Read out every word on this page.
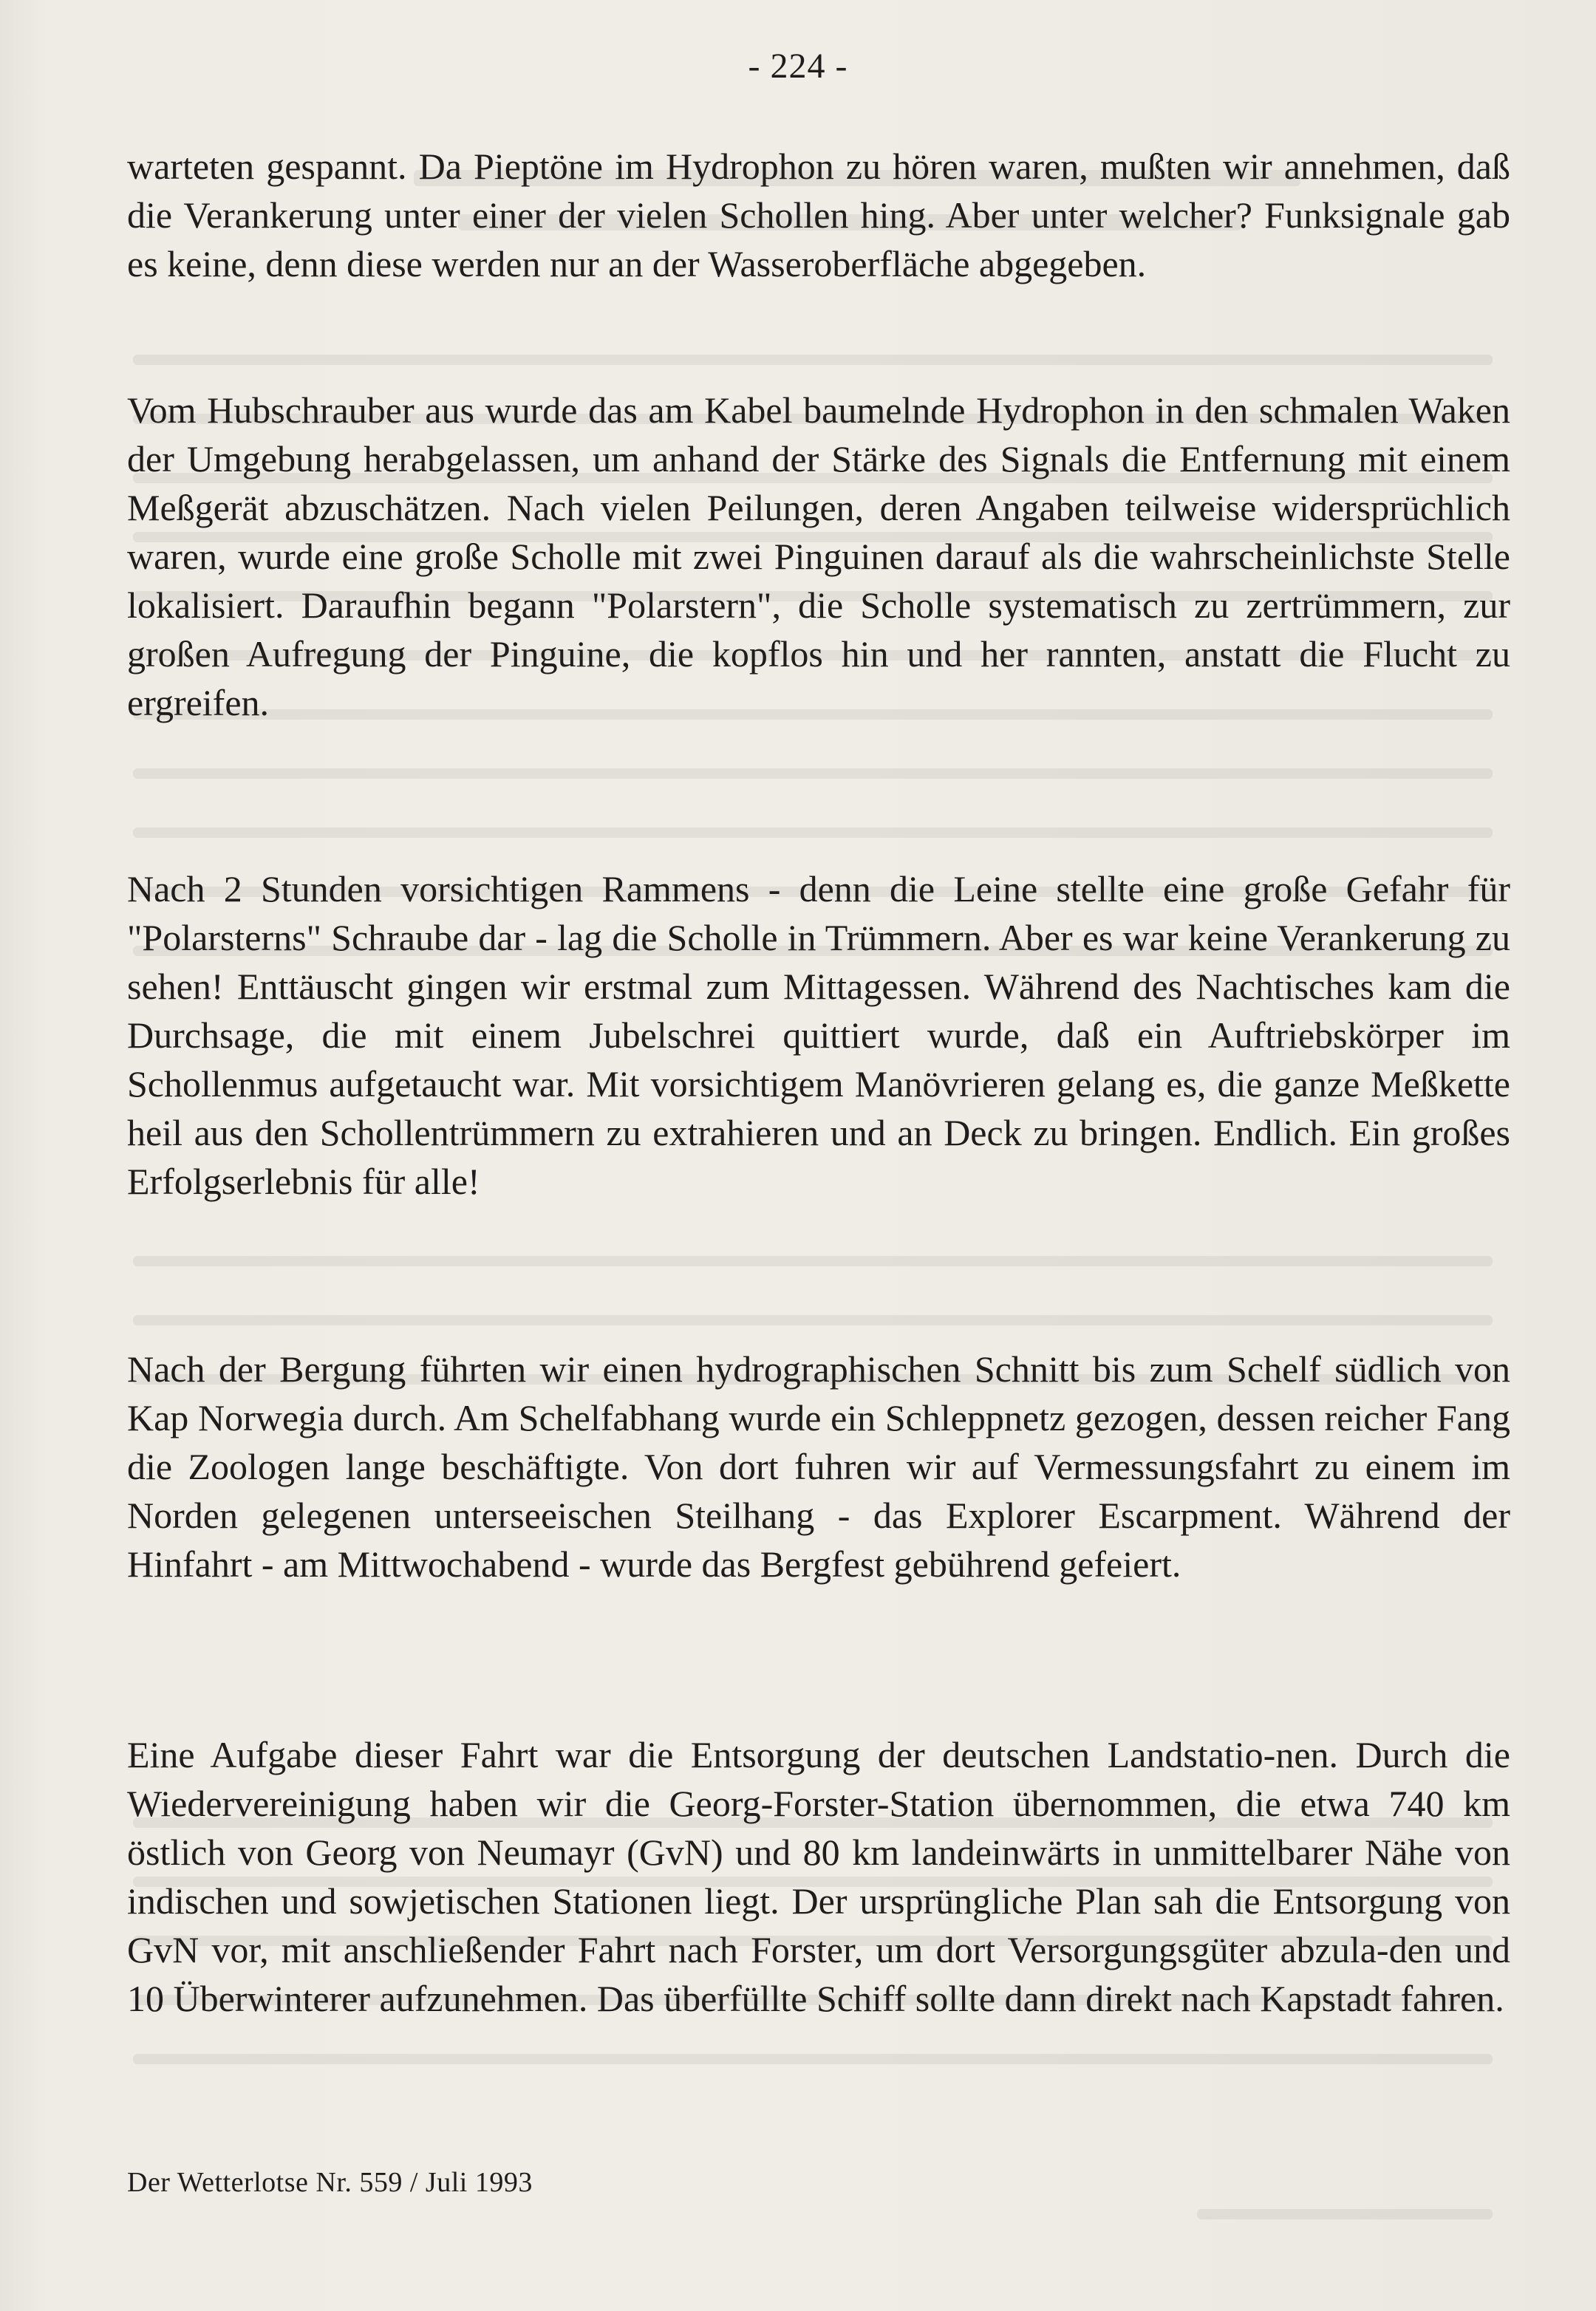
- 224 -

warteten gespannt. Da Pieptöne im Hydrophon zu hören waren, mußten wir annehmen, daß die Verankerung unter einer der vielen Schollen hing. Aber unter welcher? Funksignale gab es keine, denn diese werden nur an der Wasseroberfläche abgegeben.

Vom Hubschrauber aus wurde das am Kabel baumelnde Hydrophon in den schmalen Waken der Umgebung herabgelassen, um anhand der Stärke des Signals die Entfernung mit einem Meßgerät abzuschätzen. Nach vielen Peilungen, deren Angaben teilweise widersprüchlich waren, wurde eine große Scholle mit zwei Pinguinen darauf als die wahrscheinlichste Stelle lokalisiert. Daraufhin begann "Polarstern", die Scholle systematisch zu zertrümmern, zur großen Aufregung der Pinguine, die kopflos hin und her rannten, anstatt die Flucht zu ergreifen.

Nach 2 Stunden vorsichtigen Rammens - denn die Leine stellte eine große Gefahr für "Polarsterns" Schraube dar - lag die Scholle in Trümmern. Aber es war keine Verankerung zu sehen! Enttäuscht gingen wir erstmal zum Mittagessen. Während des Nachtisches kam die Durchsage, die mit einem Jubelschrei quittiert wurde, daß ein Auftriebskörper im Schollenmus aufgetaucht war. Mit vorsichtigem Manövrieren gelang es, die ganze Meßkette heil aus den Schollentrümmern zu extrahieren und an Deck zu bringen. Endlich. Ein großes Erfolgserlebnis für alle!

Nach der Bergung führten wir einen hydrographischen Schnitt bis zum Schelf südlich von Kap Norwegia durch. Am Schelfabhang wurde ein Schleppnetz gezogen, dessen reicher Fang die Zoologen lange beschäftigte. Von dort fuhren wir auf Vermessungsfahrt zu einem im Norden gelegenen unterseeischen Steilhang - das Explorer Escarpment. Während der Hinfahrt - am Mittwochabend - wurde das Bergfest gebührend gefeiert.

Eine Aufgabe dieser Fahrt war die Entsorgung der deutschen Landstatio-nen. Durch die Wiedervereinigung haben wir die Georg-Forster-Station übernommen, die etwa 740 km östlich von Georg von Neumayr (GvN) und 80 km landeinwärts in unmittelbarer Nähe von indischen und sowjetischen Stationen liegt. Der ursprüngliche Plan sah die Entsorgung von GvN vor, mit anschließender Fahrt nach Forster, um dort Versorgungsgüter abzula-den und 10 Überwinterer aufzunehmen. Das überfüllte Schiff sollte dann direkt nach Kapstadt fahren.

Der Wetterlotse Nr. 559 / Juli 1993
